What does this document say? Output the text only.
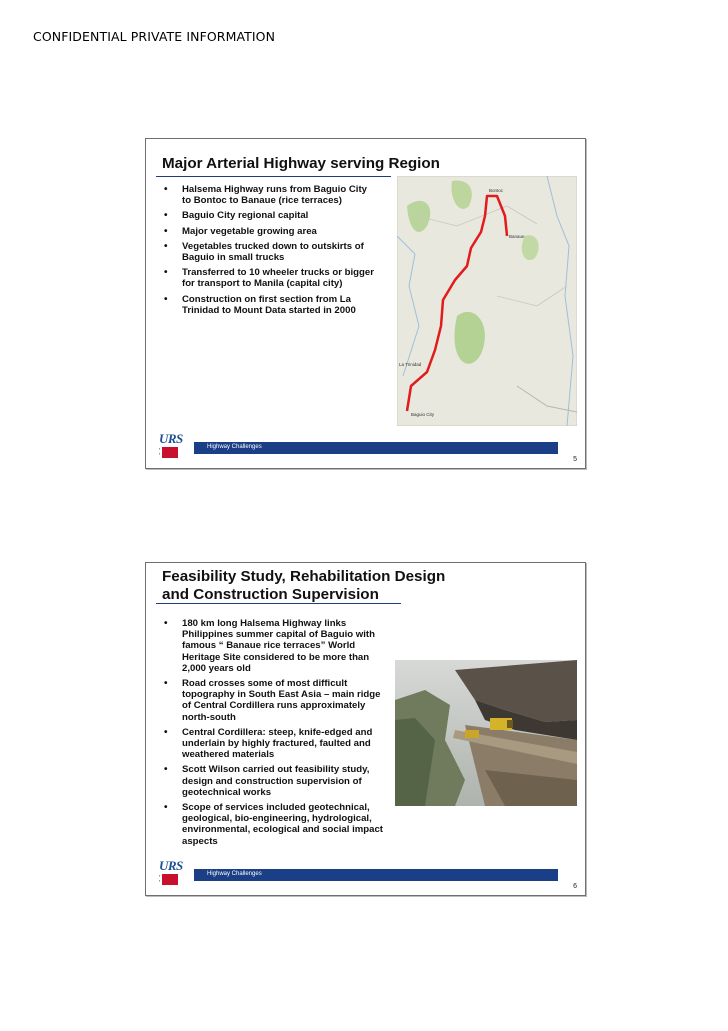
CONFIDENTIAL PRIVATE INFORMATION
Major Arterial Highway serving Region
• Halsema Highway runs from Baguio City to Bontoc to Banaue (rice terraces)
• Baguio City regional capital
• Major vegetable growing area
• Vegetables trucked down to outskirts of Baguio in small trucks
• Transferred to 10 wheeler trucks or bigger for transport to Manila (capital city)
• Construction on first section from La Trinidad to Mount Data started in 2000
Baguio City
La Trinidad
Bontoc
Banaue
URS
▪
▪
Highway Challenges
5
Feasibility Study, Rehabilitation Design
and Construction Supervision
• 180 km long Halsema Highway links Philippines summer capital of Baguio with famous “ Banaue rice terraces” World Heritage Site considered to be more than 2,000 years old
• Road crosses some of most difficult topography in South East Asia – main ridge of Central Cordillera runs approximately north-south
• Central Cordillera: steep, knife-edged and underlain by highly fractured, faulted and weathered materials
• Scott Wilson carried out feasibility study, design and construction supervision of geotechnical works
• Scope of services included geotechnical, geological, bio-engineering, hydrological, environmental, ecological and social impact aspects
URS
▪
▪
Highway Challenges
6
